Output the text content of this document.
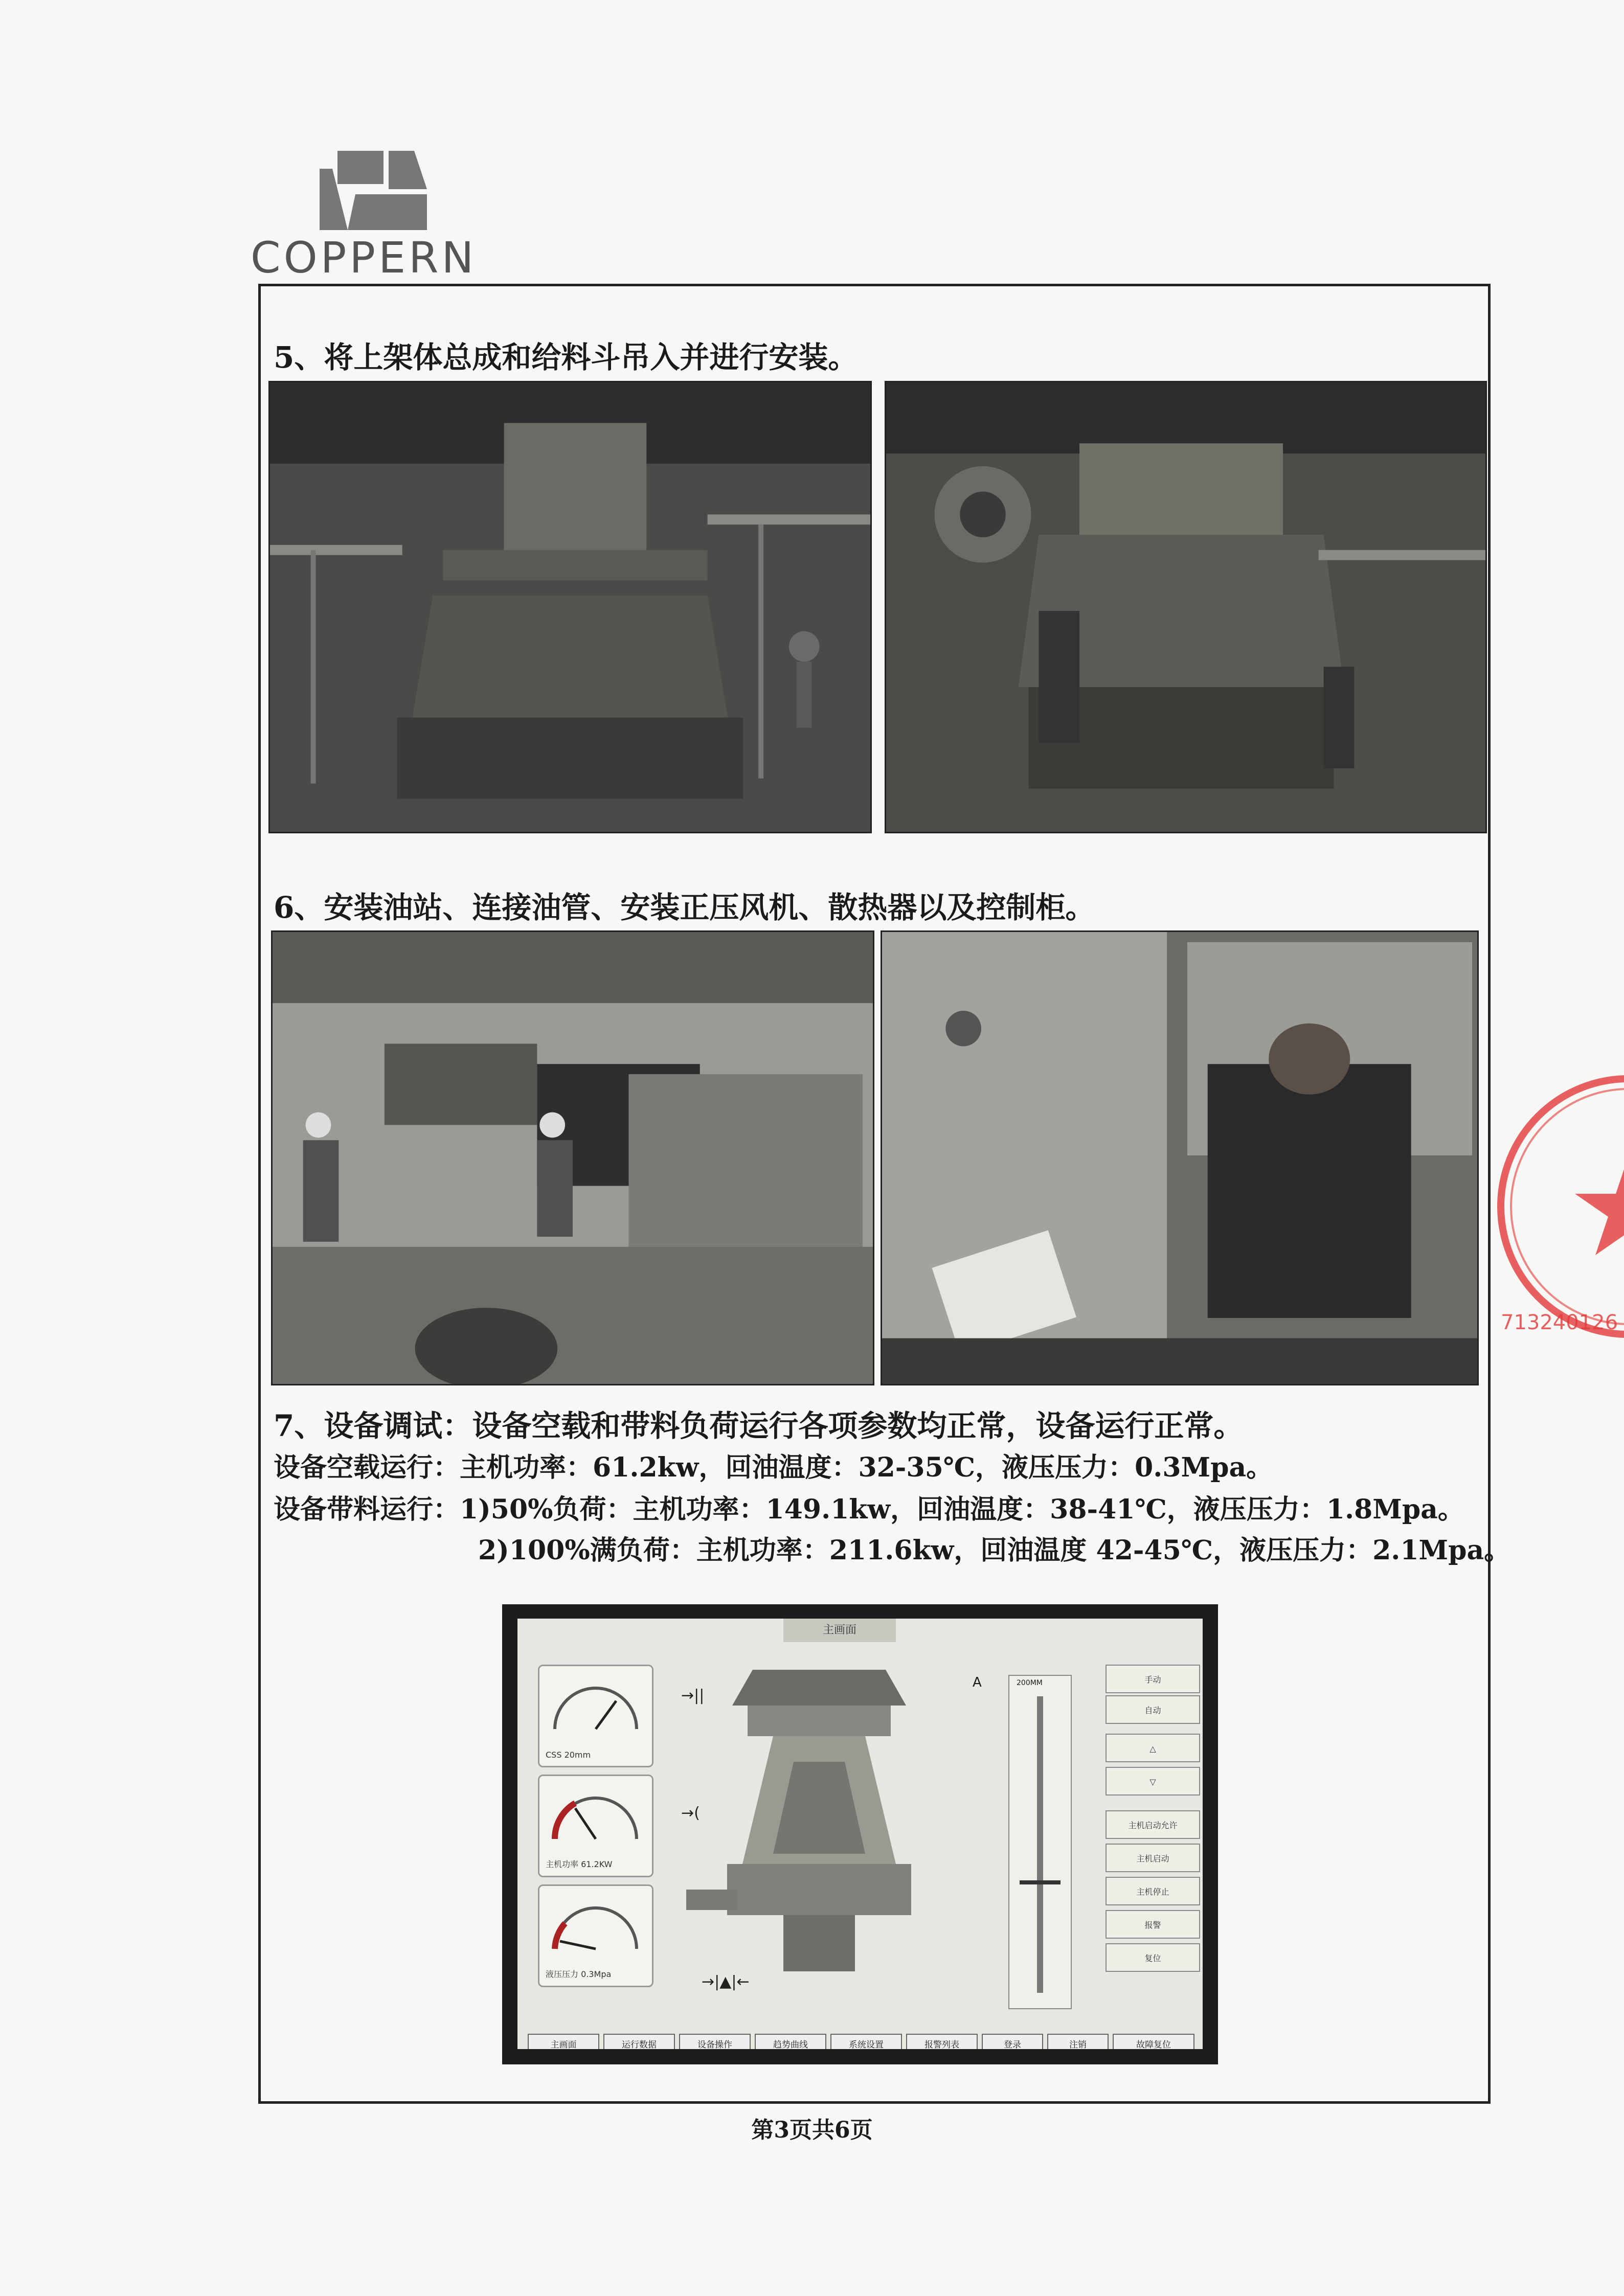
COPPERN
5、将上架体总成和给料斗吊入并进行安装。
6、安装油站、连接油管、安装正压风机、散热器以及控制柜。
7、设备调试：设备空载和带料负荷运行各项参数均正常，设备运行正常。
设备空载运行：主机功率：61.2kw，回油温度：32-35℃，液压压力：0.3Mpa。
设备带料运行：1)50%负荷：主机功率：149.1kw，回油温度：38-41℃，液压压力：1.8Mpa。
2)100%满负荷：主机功率：211.6kw，回油温度 42-45℃，液压压力：2.1Mpa。
主画面
CSS 20mm
主机功率 61.2KW
液压压力 0.3Mpa
→||
→(
→|▲|←
A	200MM	手动
自动
△
▽
主机启动允许
主机启动
主机停止
报警
复位
主画面	运行数据	设备操作	趋势曲线	系统设置	报警列表	登录	注销	故障复位
713240126
第3页共6页
